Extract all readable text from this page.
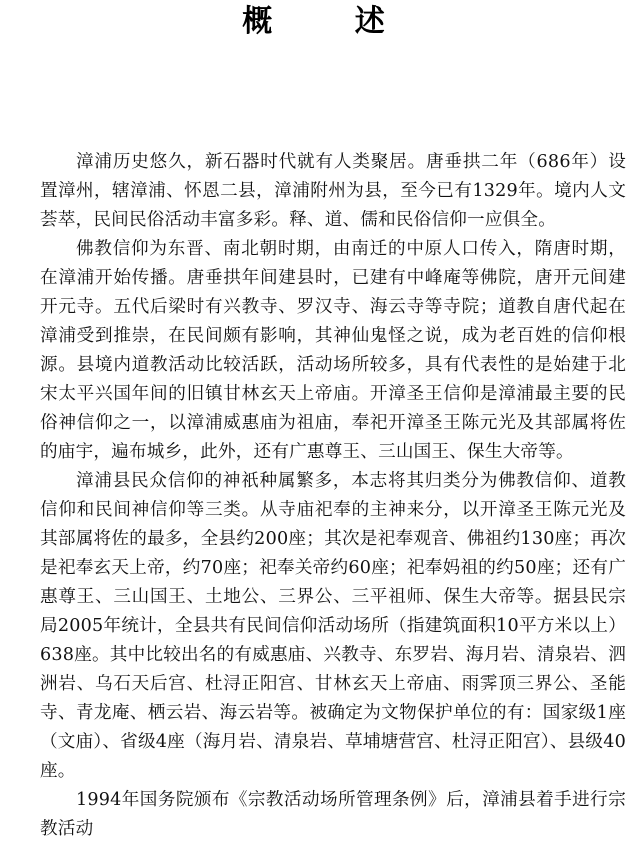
概 述

漳浦历史悠久，新石器时代就有人类聚居。唐垂拱二年（686年）设置漳州，辖漳浦、怀恩二县，漳浦附州为县，至今已有1329年。境内人文荟萃，民间民俗活动丰富多彩。释、道、儒和民俗信仰一应俱全。

佛教信仰为东晋、南北朝时期，由南迁的中原人口传入，隋唐时期，在漳浦开始传播。唐垂拱年间建县时，已建有中峰庵等佛院，唐开元间建开元寺。五代后梁时有兴教寺、罗汉寺、海云寺等寺院；道教自唐代起在漳浦受到推崇，在民间颇有影响，其神仙鬼怪之说，成为老百姓的信仰根源。县境内道教活动比较活跃，活动场所较多，具有代表性的是始建于北宋太平兴国年间的旧镇甘林玄天上帝庙。开漳圣王信仰是漳浦最主要的民俗神信仰之一，以漳浦威惠庙为祖庙，奉祀开漳圣王陈元光及其部属将佐的庙宇，遍布城乡，此外，还有广惠尊王、三山国王、保生大帝等。

漳浦县民众信仰的神祇种属繁多，本志将其归类分为佛教信仰、道教信仰和民间神信仰等三类。从寺庙祀奉的主神来分，以开漳圣王陈元光及其部属将佐的最多，全县约200座；其次是祀奉观音、佛祖约130座；再次是祀奉玄天上帝，约70座；祀奉关帝约60座；祀奉妈祖的约50座；还有广惠尊王、三山国王、土地公、三界公、三平祖师、保生大帝等。据县民宗局2005年统计，全县共有民间信仰活动场所（指建筑面积10平方米以上）638座。其中比较出名的有威惠庙、兴教寺、东罗岩、海月岩、清泉岩、泗洲岩、乌石天后宫、杜浔正阳宫、甘林玄天上帝庙、雨霁顶三界公、圣能寺、青龙庵、栖云岩、海云岩等。被确定为文物保护单位的有：国家级1座（文庙）、省级4座（海月岩、清泉岩、草埔塘营宫、杜浔正阳宫）、县级40座。

1994年国务院颁布《宗教活动场所管理条例》后，漳浦县着手进行宗教活动
